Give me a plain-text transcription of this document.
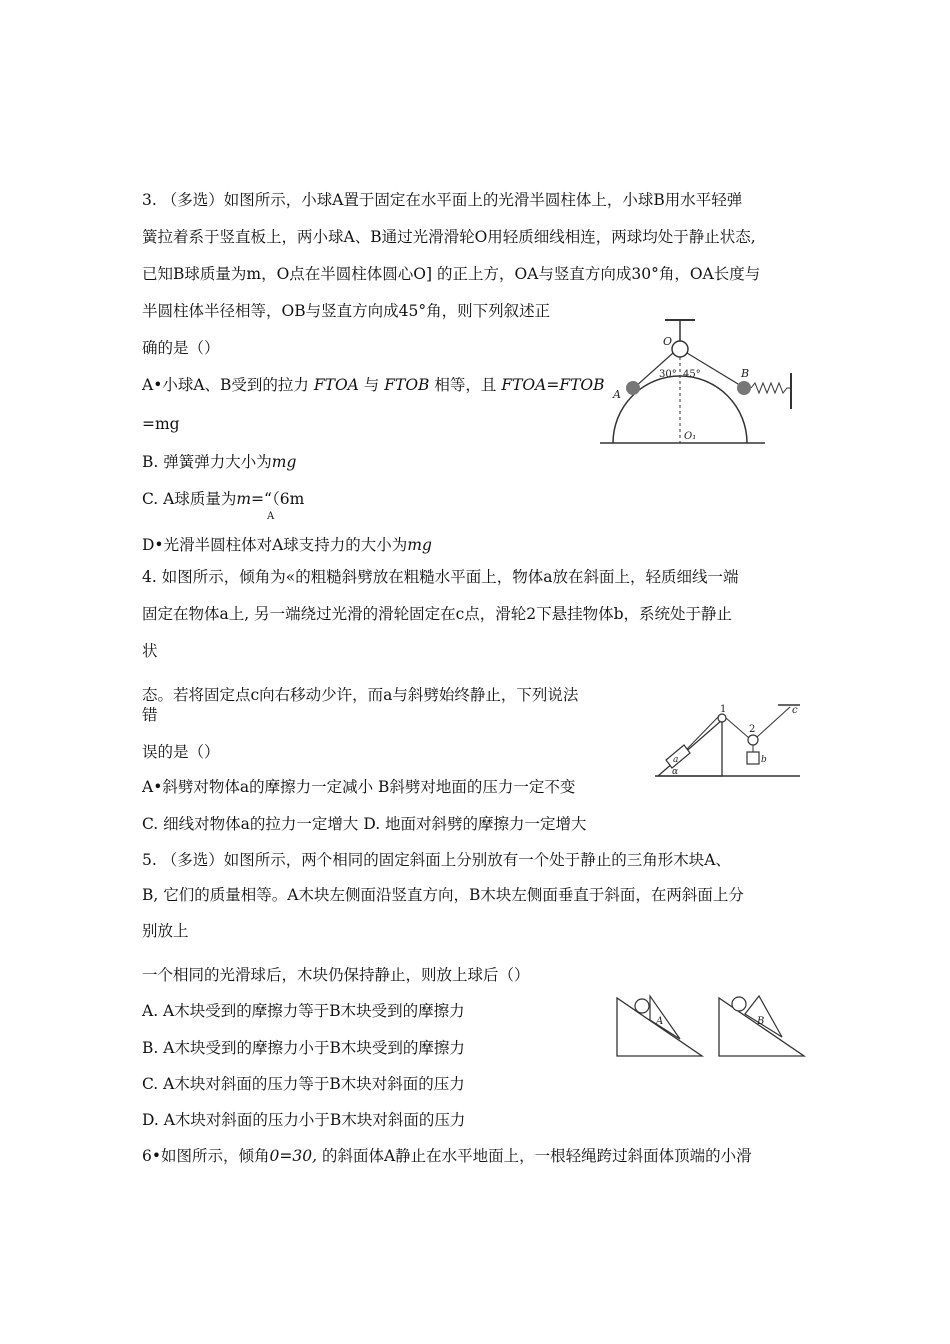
3. （多选）如图所示，小球A置于固定在水平面上的光滑半圆柱体上，小球B用水平轻弹
簧拉着系于竖直板上，两小球A、B通过光滑滑轮O用轻质细线相连，两球均处于静止状态,
已知B球质量为m，O点在半圆柱体圆心O] 的正上方，OA与竖直方向成30°角，OA长度与
半圆柱体半径相等，OB与竖直方向成45°角，则下列叙述正
确的是（）
A•小球A、B受到的拉力 FTOA 与 FTOB 相等，且 FTOA=FTOB
=mg
B. 弹簧弹力大小为mg
C. A球质量为m=“（6m
A
D•光滑半圆柱体对A球支持力的大小为mg
O
A
B
O₁
30° 45°
4. 如图所示，倾角为«的粗糙斜劈放在粗糙水平面上，物体a放在斜面上，轻质细线一端
固定在物体a上, 另一端绕过光滑的滑轮固定在c点，滑轮2下悬挂物体b，系统处于静止
状
态。若将固定点c向右移动少许，而a与斜劈始终静止，下列说法
错
误的是（）
A•斜劈对物体a的摩擦力一定减小 B斜劈对地面的压力一定不变
C. 细线对物体a的拉力一定增大 D. 地面对斜劈的摩擦力一定增大
1
2
c
a
α
b
5. （多选）如图所示，两个相同的固定斜面上分别放有一个处于静止的三角形木块A、
B, 它们的质量相等。A木块左侧面沿竖直方向，B木块左侧面垂直于斜面，在两斜面上分
别放上
一个相同的光滑球后，木块仍保持静止，则放上球后（）
A. A木块受到的摩擦力等于B木块受到的摩擦力
B. A木块受到的摩擦力小于B木块受到的摩擦力
C. A木块对斜面的压力等于B木块对斜面的压力
D. A木块对斜面的压力小于B木块对斜面的压力
A	B
6•如图所示，倾角0=30, 的斜面体A静止在水平地面上，一根轻绳跨过斜面体顶端的小滑
